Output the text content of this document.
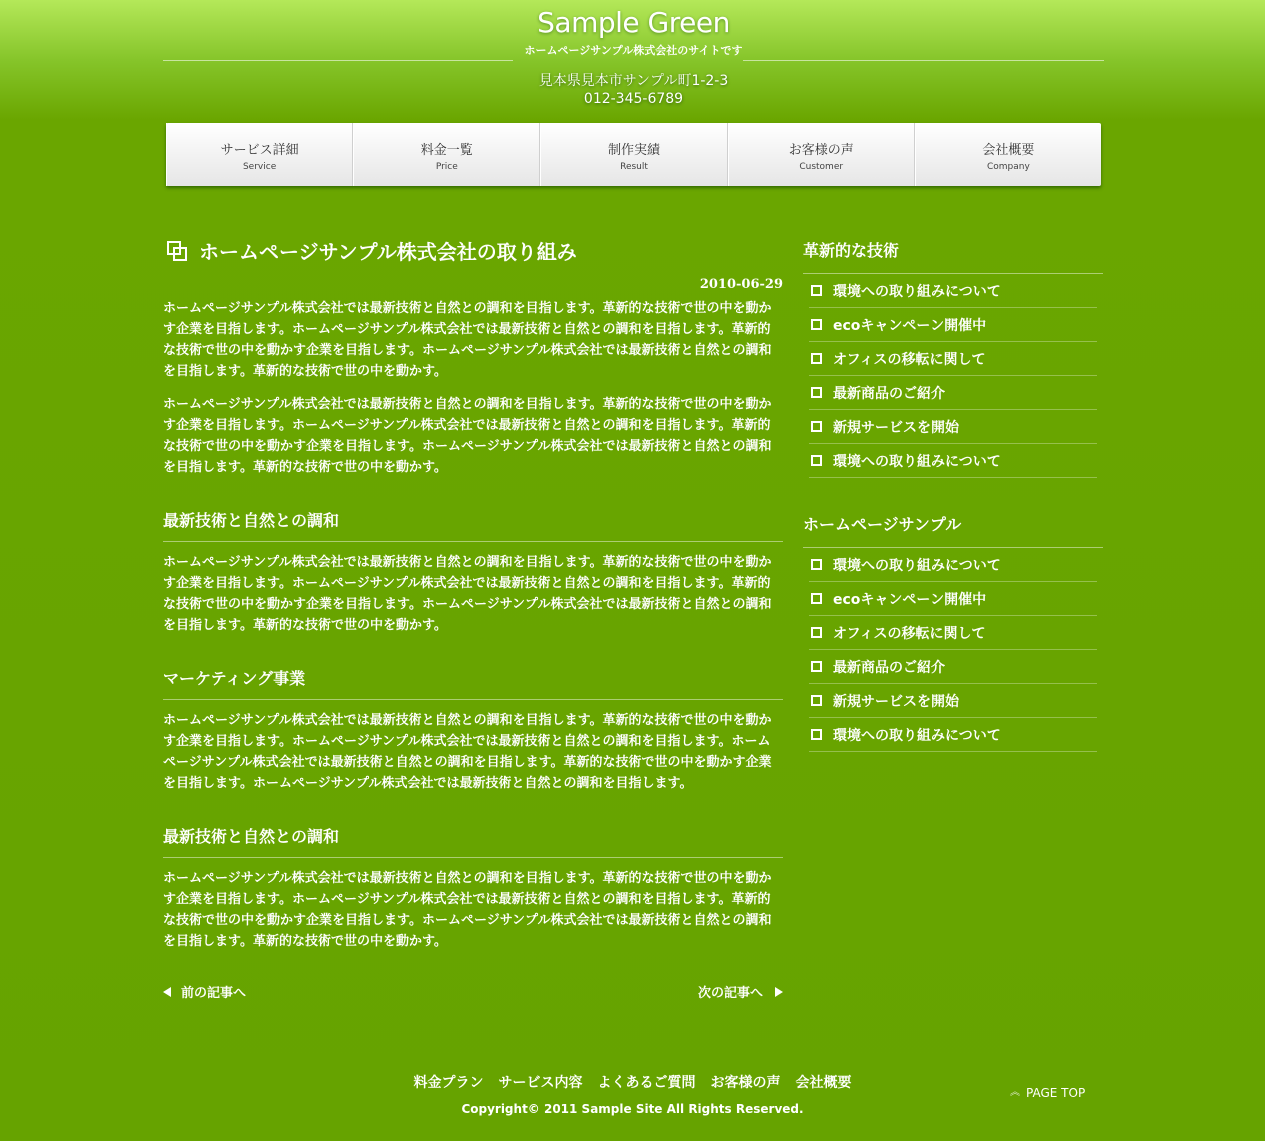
Sample Green
ホームページサンプル株式会社のサイトです
見本県見本市サンプル町1-2-3
012-345-6789
サービス詳細
Service
料金一覧
Price
制作実績
Result
お客様の声
Customer
会社概要
Company
ホームページサンプル株式会社の取り組み
2010-06-29

ホームページサンプル株式会社では最新技術と自然との調和を目指します。革新的な技術で世の中を動かす企業を目指します。ホームページサンプル株式会社では最新技術と自然との調和を目指します。革新的な技術で世の中を動かす企業を目指します。ホームページサンプル株式会社では最新技術と自然との調和を目指します。革新的な技術で世の中を動かす。

ホームページサンプル株式会社では最新技術と自然との調和を目指します。革新的な技術で世の中を動かす企業を目指します。ホームページサンプル株式会社では最新技術と自然との調和を目指します。革新的な技術で世の中を動かす企業を目指します。ホームページサンプル株式会社では最新技術と自然との調和を目指します。革新的な技術で世の中を動かす。

最新技術と自然との調和

ホームページサンプル株式会社では最新技術と自然との調和を目指します。革新的な技術で世の中を動かす企業を目指します。ホームページサンプル株式会社では最新技術と自然との調和を目指します。革新的な技術で世の中を動かす企業を目指します。ホームページサンプル株式会社では最新技術と自然との調和を目指します。革新的な技術で世の中を動かす。

マーケティング事業

ホームページサンプル株式会社では最新技術と自然との調和を目指します。革新的な技術で世の中を動かす企業を目指します。ホームページサンプル株式会社では最新技術と自然との調和を目指します。ホームページサンプル株式会社では最新技術と自然との調和を目指します。革新的な技術で世の中を動かす企業を目指します。ホームページサンプル株式会社では最新技術と自然との調和を目指します。

最新技術と自然との調和

ホームページサンプル株式会社では最新技術と自然との調和を目指します。革新的な技術で世の中を動かす企業を目指します。ホームページサンプル株式会社では最新技術と自然との調和を目指します。革新的な技術で世の中を動かす企業を目指します。ホームページサンプル株式会社では最新技術と自然との調和を目指します。革新的な技術で世の中を動かす。

前の記事へ	次の記事へ
革新的な技術
環境への取り組みについて
ecoキャンペーン開催中
オフィスの移転に関して
最新商品のご紹介
新規サービスを開始
環境への取り組みについて
ホームページサンプル
環境への取り組みについて
ecoキャンペーン開催中
オフィスの移転に関して
最新商品のご紹介
新規サービスを開始
環境への取り組みについて
料金プラン サービス内容 よくあるご質問 お客様の声 会社概要
Copyright© 2011 Sample Site All Rights Reserved.
︽ PAGE TOP
